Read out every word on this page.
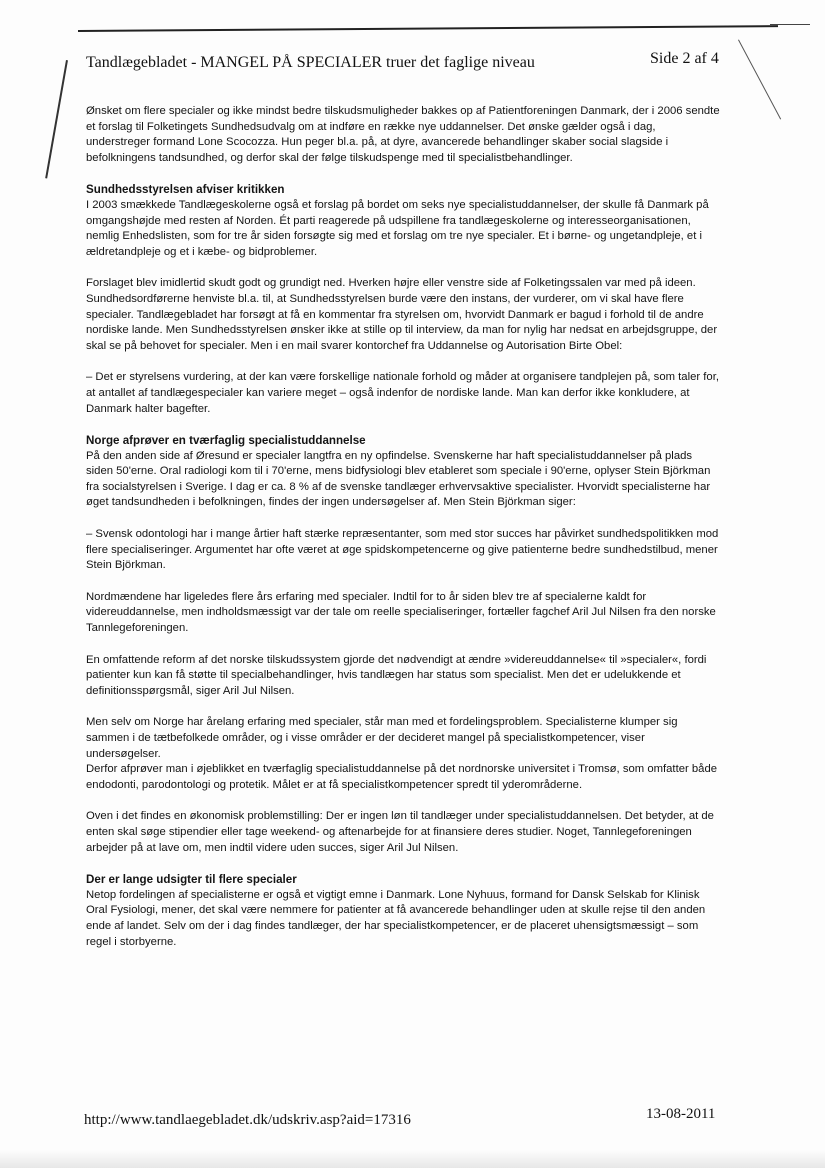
Tandlægebladet - MANGEL PÅ SPECIALER truer det faglige niveau	Side 2 af 4

Ønsket om flere specialer og ikke mindst bedre tilskudsmuligheder bakkes op af Patientforeningen Danmark, der i 2006 sendte et forslag til Folketingets Sundhedsudvalg om at indføre en række nye uddannelser. Det ønske gælder også i dag, understreger formand Lone Scocozza. Hun peger bl.a. på, at dyre, avancerede behandlinger skaber social slagside i befolkningens tandsundhed, og derfor skal der følge tilskudspenge med til specialistbehandlinger.

Sundhedsstyrelsen afviser kritikken

I 2003 smækkede Tandlægeskolerne også et forslag på bordet om seks nye specialistuddannelser, der skulle få Danmark på omgangshøjde med resten af Norden. Ét parti reagerede på udspillene fra tandlægeskolerne og interesseorganisationen, nemlig Enhedslisten, som for tre år siden forsøgte sig med et forslag om tre nye specialer. Et i børne- og ungetandpleje, et i ældretandpleje og et i kæbe- og bidproblemer.

Forslaget blev imidlertid skudt godt og grundigt ned. Hverken højre eller venstre side af Folketingssalen var med på ideen. Sundhedsordførerne henviste bl.a. til, at Sundhedsstyrelsen burde være den instans, der vurderer, om vi skal have flere specialer. Tandlægebladet har forsøgt at få en kommentar fra styrelsen om, hvorvidt Danmark er bagud i forhold til de andre nordiske lande. Men Sundhedsstyrelsen ønsker ikke at stille op til interview, da man for nylig har nedsat en arbejdsgruppe, der skal se på behovet for specialer. Men i en mail svarer kontorchef fra Uddannelse og Autorisation Birte Obel:

– Det er styrelsens vurdering, at der kan være forskellige nationale forhold og måder at organisere tandplejen på, som taler for, at antallet af tandlægespecialer kan variere meget – også indenfor de nordiske lande. Man kan derfor ikke konkludere, at Danmark halter bagefter.

Norge afprøver en tværfaglig specialistuddannelse

På den anden side af Øresund er specialer langtfra en ny opfindelse. Svenskerne har haft specialistuddannelser på plads siden 50'erne. Oral radiologi kom til i 70'erne, mens bidfysiologi blev etableret som speciale i 90'erne, oplyser Stein Björkman fra socialstyrelsen i Sverige. I dag er ca. 8 % af de svenske tandlæger erhvervsaktive specialister. Hvorvidt specialisterne har øget tandsundheden i befolkningen, findes der ingen undersøgelser af. Men Stein Björkman siger:

– Svensk odontologi har i mange årtier haft stærke repræsentanter, som med stor succes har påvirket sundhedspolitikken mod flere specialiseringer. Argumentet har ofte været at øge spidskompetencerne og give patienterne bedre sundhedstilbud, mener Stein Björkman.

Nordmændene har ligeledes flere års erfaring med specialer. Indtil for to år siden blev tre af specialerne kaldt for videreuddannelse, men indholdsmæssigt var der tale om reelle specialiseringer, fortæller fagchef Aril Jul Nilsen fra den norske Tannlegeforeningen.

En omfattende reform af det norske tilskudssystem gjorde det nødvendigt at ændre »videreuddannelse« til »specialer«, fordi patienter kun kan få støtte til specialbehandlinger, hvis tandlægen har status som specialist. Men det er udelukkende et definitionsspørgsmål, siger Aril Jul Nilsen.

Men selv om Norge har årelang erfaring med specialer, står man med et fordelingsproblem. Specialisterne klumper sig sammen i de tætbefolkede områder, og i visse områder er der decideret mangel på specialistkompetencer, viser undersøgelser.

Derfor afprøver man i øjeblikket en tværfaglig specialistuddannelse på det nordnorske universitet i Tromsø, som omfatter både endodonti, parodontologi og protetik. Målet er at få specialistkompetencer spredt til yderområderne.

Oven i det findes en økonomisk problemstilling: Der er ingen løn til tandlæger under specialistuddannelsen. Det betyder, at de enten skal søge stipendier eller tage weekend- og aftenarbejde for at finansiere deres studier. Noget, Tannlegeforeningen arbejder på at lave om, men indtil videre uden succes, siger Aril Jul Nilsen.

Der er lange udsigter til flere specialer

Netop fordelingen af specialisterne er også et vigtigt emne i Danmark. Lone Nyhuus, formand for Dansk Selskab for Klinisk Oral Fysiologi, mener, det skal være nemmere for patienter at få avancerede behandlinger uden at skulle rejse til den anden ende af landet. Selv om der i dag findes tandlæger, der har specialistkompetencer, er de placeret uhensigtsmæssigt – som regel i storbyerne.

http://www.tandlaegebladet.dk/udskriv.asp?aid=17316	13-08-2011
